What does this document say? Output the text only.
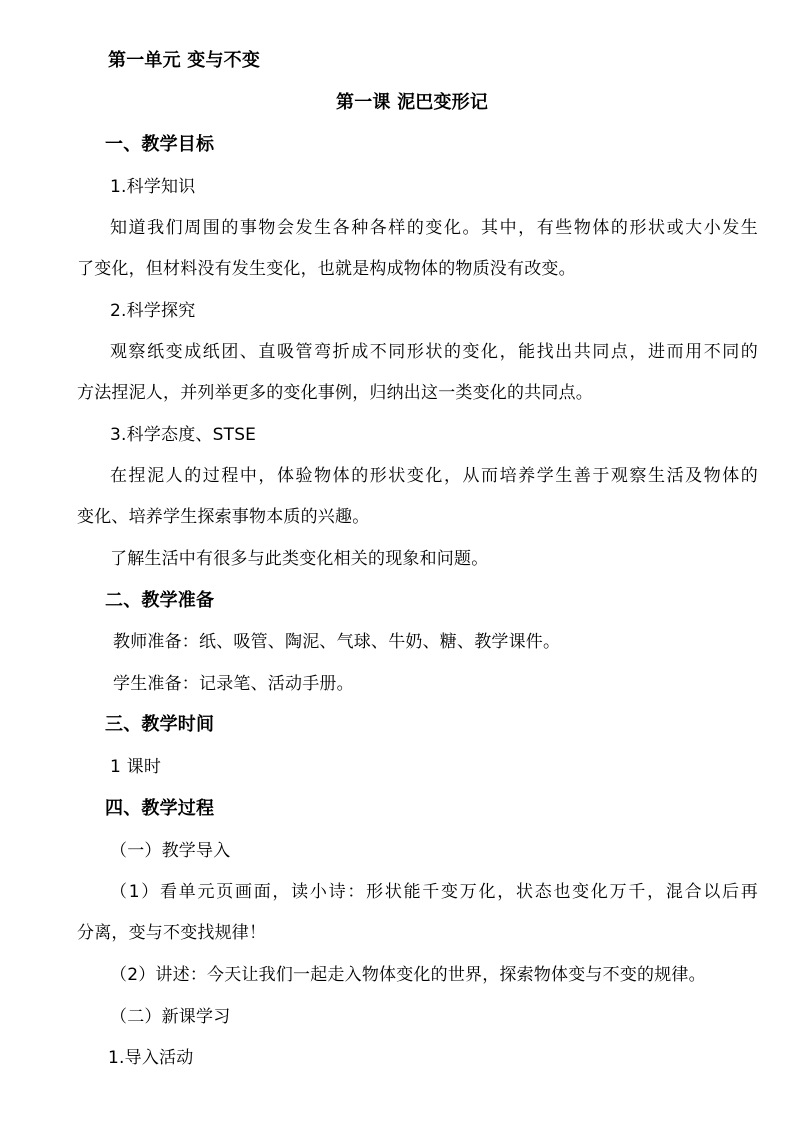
第一单元 变与不变
第一课 泥巴变形记
一、教学目标
1.科学知识
知道我们周围的事物会发生各种各样的变化。其中，有些物体的形状或大小发生
了变化，但材料没有发生变化，也就是构成物体的物质没有改变。
2.科学探究
观察纸变成纸团、直吸管弯折成不同形状的变化，能找出共同点，进而用不同的
方法捏泥人，并列举更多的变化事例，归纳出这一类变化的共同点。
3.科学态度、STSE
在捏泥人的过程中，体验物体的形状变化，从而培养学生善于观察生活及物体的
变化、培养学生探索事物本质的兴趣。
了解生活中有很多与此类变化相关的现象和问题。
二、教学准备
教师准备：纸、吸管、陶泥、气球、牛奶、糖、教学课件。
学生准备：记录笔、活动手册。
三、教学时间
1 课时
四、教学过程
（一）教学导入
（1）看单元页画面，读小诗：形状能千变万化，状态也变化万千，混合以后再
分离，变与不变找规律！
（2）讲述：今天让我们一起走入物体变化的世界，探索物体变与不变的规律。
（二）新课学习
1.导入活动
